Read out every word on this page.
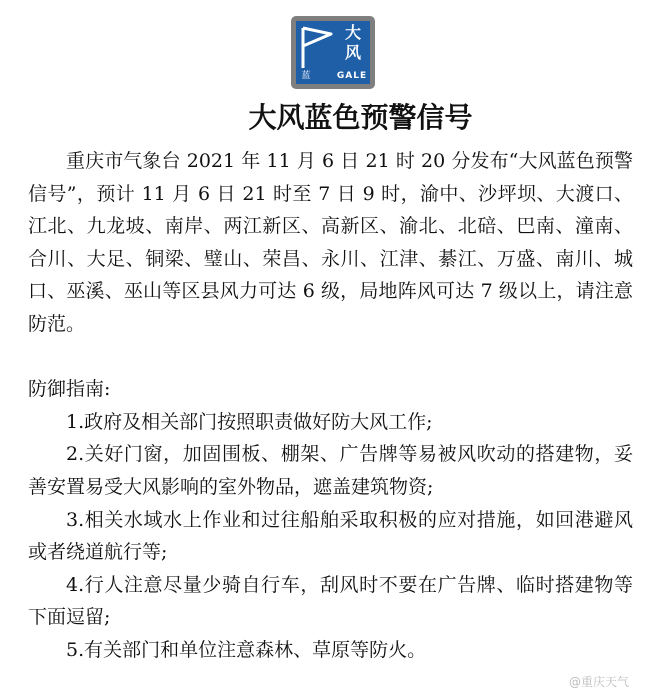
大
风
蓝	GALE
大风蓝色预警信号

重庆市气象台 2021 年 11 月 6 日 21 时 20 分发布“大风蓝色预警信号”，预计 11 月 6 日 21 时至 7 日 9 时，渝中、沙坪坝、大渡口、江北、九龙坡、南岸、两江新区、高新区、渝北、北碚、巴南、潼南、合川、大足、铜梁、璧山、荣昌、永川、江津、綦江、万盛、南川、城口、巫溪、巫山等区县风力可达 6 级，局地阵风可达 7 级以上，请注意防范。

防御指南:

1.政府及相关部门按照职责做好防大风工作;

2.关好门窗，加固围板、棚架、广告牌等易被风吹动的搭建物，妥善安置易受大风影响的室外物品，遮盖建筑物资;

3.相关水域水上作业和过往船舶采取积极的应对措施，如回港避风或者绕道航行等;

4.行人注意尽量少骑自行车，刮风时不要在广告牌、临时搭建物等下面逗留;

5.有关部门和单位注意森林、草原等防火。

@重庆天气
